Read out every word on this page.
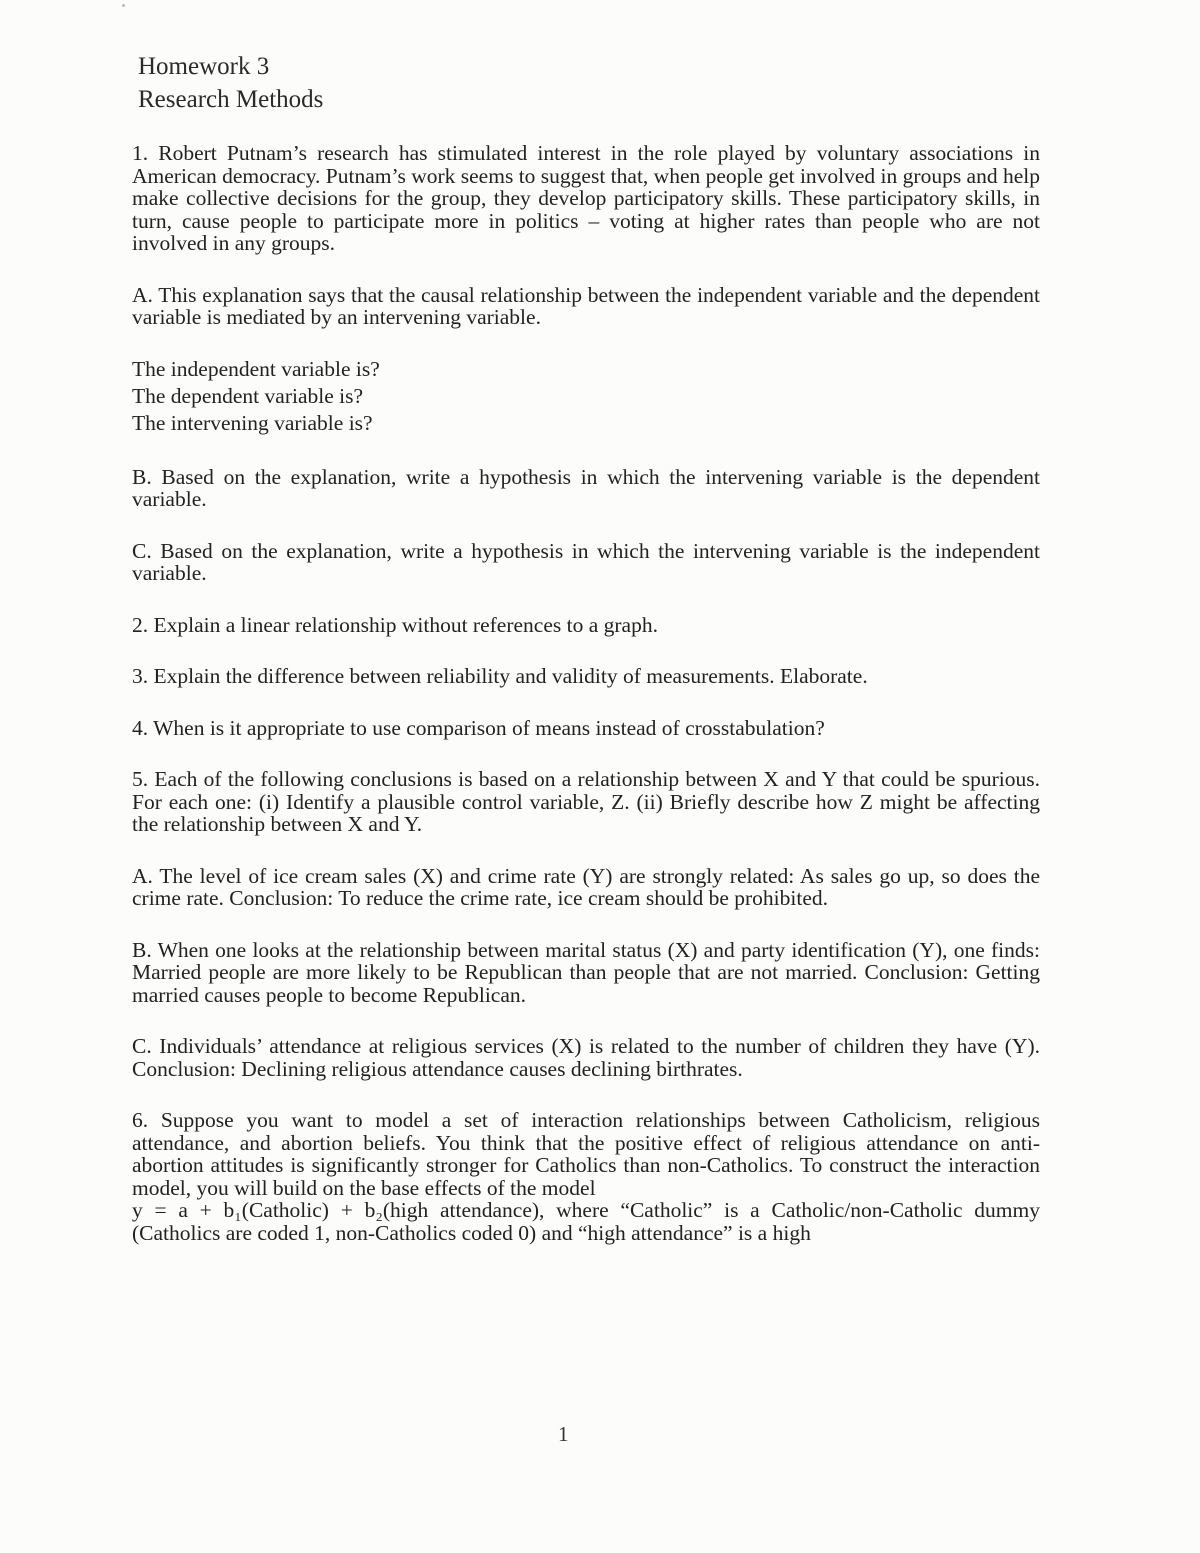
Homework 3
Research Methods

1. Robert Putnam’s research has stimulated interest in the role played by voluntary associations in American democracy. Putnam’s work seems to suggest that, when people get involved in groups and help make collective decisions for the group, they develop participatory skills. These participatory skills, in turn, cause people to participate more in politics – voting at higher rates than people who are not involved in any groups.

A. This explanation says that the causal relationship between the independent variable and the dependent variable is mediated by an intervening variable.

The independent variable is?
The dependent variable is?
The intervening variable is?

B. Based on the explanation, write a hypothesis in which the intervening variable is the dependent variable.

C. Based on the explanation, write a hypothesis in which the intervening variable is the independent variable.

2. Explain a linear relationship without references to a graph.

3. Explain the difference between reliability and validity of measurements. Elaborate.

4. When is it appropriate to use comparison of means instead of crosstabulation?

5. Each of the following conclusions is based on a relationship between X and Y that could be spurious. For each one: (i) Identify a plausible control variable, Z. (ii) Briefly describe how Z might be affecting the relationship between X and Y.

A. The level of ice cream sales (X) and crime rate (Y) are strongly related: As sales go up, so does the crime rate. Conclusion: To reduce the crime rate, ice cream should be prohibited.

B. When one looks at the relationship between marital status (X) and party identification (Y), one finds: Married people are more likely to be Republican than people that are not married. Conclusion: Getting married causes people to become Republican.

C. Individuals’ attendance at religious services (X) is related to the number of children they have (Y). Conclusion: Declining religious attendance causes declining birthrates.

6. Suppose you want to model a set of interaction relationships between Catholicism, religious attendance, and abortion beliefs. You think that the positive effect of religious attendance on anti-abortion attitudes is significantly stronger for Catholics than non-Catholics. To construct the interaction model, you will build on the base effects of the model
y = a + b₁(Catholic) + b₂(high attendance), where “Catholic” is a Catholic/non-Catholic dummy (Catholics are coded 1, non-Catholics coded 0) and “high attendance” is a high

1
